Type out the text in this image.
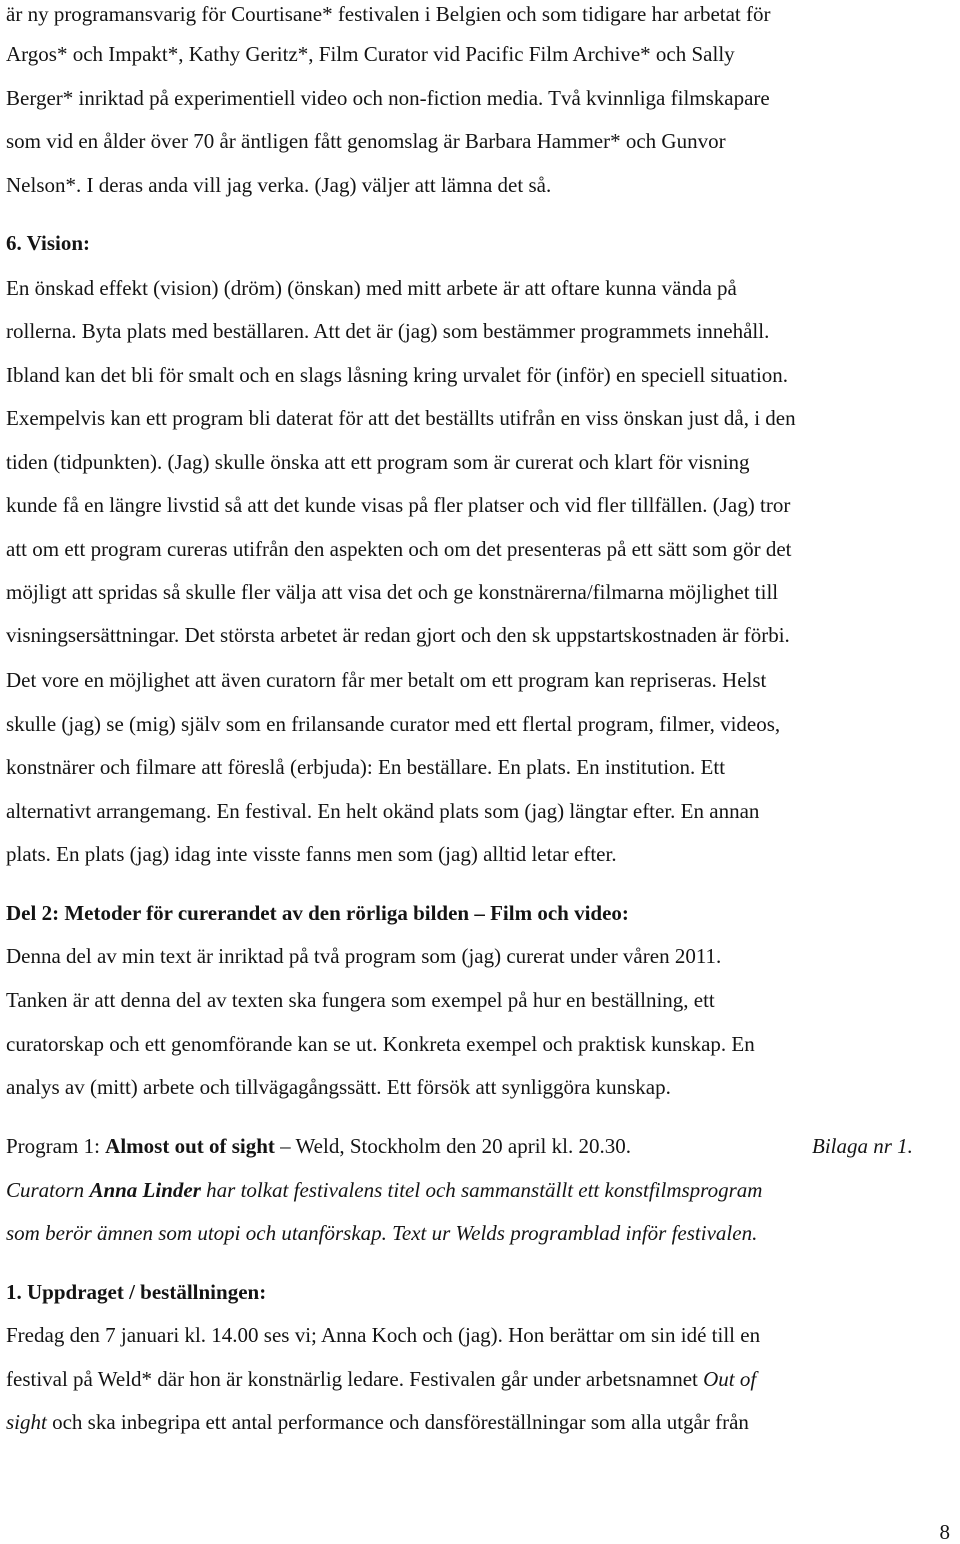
är ny programansvarig för Courtisane* festivalen i Belgien och som tidigare har arbetat för
Argos* och Impakt*, Kathy Geritz*, Film Curator vid Pacific Film Archive* och Sally
Berger* inriktad på experimentiell video och non-fiction media. Två kvinnliga filmskapare
som vid en ålder över 70 år äntligen fått genomslag är Barbara Hammer* och Gunvor
Nelson*. I deras anda vill jag verka. (Jag) väljer att lämna det så.
6. Vision:
En önskad effekt (vision) (dröm) (önskan) med mitt arbete är att oftare kunna vända på
rollerna. Byta plats med beställaren. Att det är (jag) som bestämmer programmets innehåll.
Ibland kan det bli för smalt och en slags låsning kring urvalet för (inför) en speciell situation.
Exempelvis kan ett program bli daterat för att det beställts utifrån en viss önskan just då, i den
tiden (tidpunkten). (Jag) skulle önska att ett program som är curerat och klart för visning
kunde få en längre livstid så att det kunde visas på fler platser och vid fler tillfällen. (Jag) tror
att om ett program cureras utifrån den aspekten och om det presenteras på ett sätt som gör det
möjligt att spridas så skulle fler välja att visa det och ge konstnärerna/filmarna möjlighet till
visningsersättningar. Det största arbetet är redan gjort och den sk uppstartskostnaden är förbi.
Det vore en möjlighet att även curatorn får mer betalt om ett program kan repriseras. Helst
skulle (jag) se (mig) själv som en frilansande curator med ett flertal program, filmer, videos,
konstnärer och filmare att föreslå (erbjuda): En beställare. En plats. En institution. Ett
alternativt arrangemang. En festival. En helt okänd plats som (jag) längtar efter. En annan
plats. En plats (jag) idag inte visste fanns men som (jag) alltid letar efter.
Del 2: Metoder för curerandet av den rörliga bilden – Film och video:
Denna del av min text är inriktad på två program som (jag) curerat under våren 2011.
Tanken är att denna del av texten ska fungera som exempel på hur en beställning, ett
curatorskap och ett genomförande kan se ut. Konkreta exempel och praktisk kunskap. En
analys av (mitt) arbete och tillvägagångssätt. Ett försök att synliggöra kunskap.
Program 1: Almost out of sight – Weld, Stockholm den 20 april kl. 20.30.	Bilaga nr 1.
Curatorn Anna Linder har tolkat festivalens titel och sammanställt ett konstfilmsprogram
som berör ämnen som utopi och utanförskap. Text ur Welds programblad inför festivalen.
1. Uppdraget / beställningen:
Fredag den 7 januari kl. 14.00 ses vi; Anna Koch och (jag). Hon berättar om sin idé till en
festival på Weld* där hon är konstnärlig ledare. Festivalen går under arbetsnamnet Out of
sight och ska inbegripa ett antal performance och dansföreställningar som alla utgår från
8
